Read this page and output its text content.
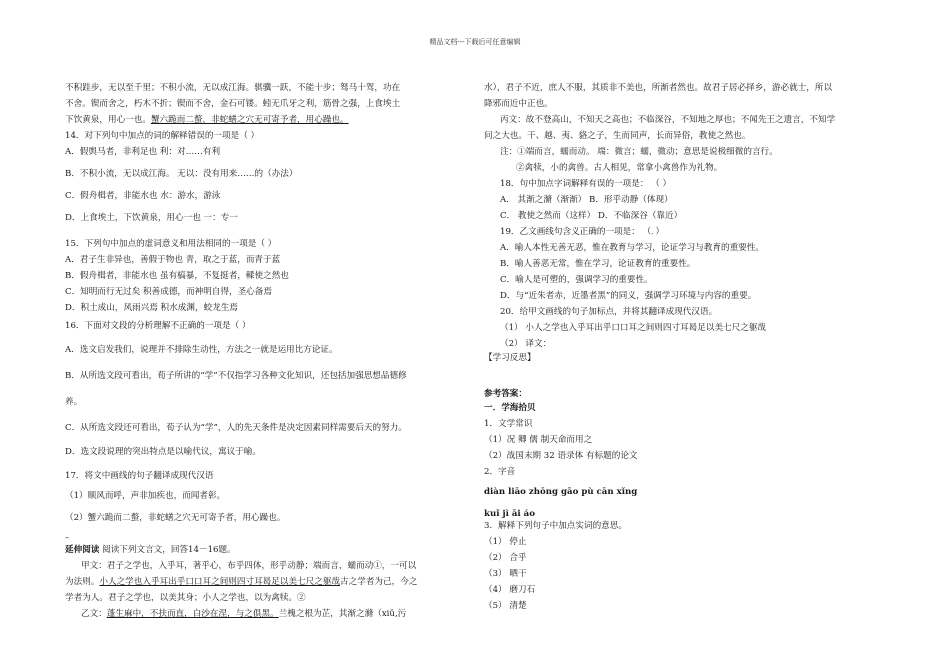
精品文档---下载后可任意编辑
不积跬步，无以至千里；不积小流，无以成江海。骐骥一跃，不能十步；驽马十驾，功在
不舍。锲而舍之，朽木不折；锲而不舍，金石可镂。蚓无爪牙之利，筋骨之强，上食埃土
下饮黄泉，用心一也。蟹六跪而二螯，非蛇蟮之穴无可寄予者，用心躁也。
14．对下列句中加点的词的解释错误的一项是（ ）
A．假舆马者，非利足也 利：对……有利
B．不积小流，无以成江海。 无以：没有用来……的（办法）
C．假舟楫者，非能水也 水：游水，游泳
D．上食埃土，下饮黄泉，用心一也 一：专一
15．下列句中加点的虚词意义和用法相同的一项是（ ）
A．君子生非异也，善假于物也 青，取之于蓝，而青于蓝
B．假舟楫者，非能水也 虽有槁暴，不复挺者，輮使之然也
C．知明而行无过矣 积善成德，而神明自得，圣心备焉
D．积土成山，风雨兴焉 积水成渊，蛟龙生焉
16．下面对文段的分析理解不正确的一项是（ ）
A．选文启发我们，说理并不排除生动性，方法之一就是运用比方论证。
B．从所选文段可看出，荀子所讲的“学”不仅指学习各种文化知识，还包括加强思想品德修
养。
C．从所选文段还可看出，荀子认为“学”，人的先天条件是决定因素同样需要后天的努力。
D．选文段说理的突出特点是以喻代议，寓议于喻。
17．将文中画线的句子翻译成现代汉语
（1）顺风而呼，声非加疾也，而闻者彰。
（2）蟹六跪而二螯，非蛇蟮之穴无可寄予者，用心躁也。
–
延伸阅读 阅读下列文言文，回答14－16题。
甲文：君子之学也，入乎耳，著乎心，布乎四体，形乎动静；端而言，蠕而动①，一可以
为法则。小人之学也入乎耳出乎口口耳之间则四寸耳曷足以美七尺之躯哉古之学者为己，今之
学者为人。君子之学也，以美其身；小人之学也，以为禽犊。②
乙文：蓬生麻中，不扶而直，白沙在涅，与之俱黑。兰槐之根为芷，其渐之滫（xiǔ,污
水），君子不近，庶人不服，其质非不美也，所渐者然也。故君子居必择乡，游必就士，所以
降邪而近中正也。
丙文：故不登高山，不知天之高也；不临深谷，不知地之厚也；不闻先王之遗言，不知学
问之大也。干、越、夷、貉之子，生而同声，长而异俗，教使之然也。
注：①端而言，蠕而动。 端：微言；蠕，微动；意思是说极细微的言行。
②禽犊，小的禽兽。古人相见，常拿小禽兽作为礼物。
18．句中加点字词解释有误的一项是： （ ）
A． 其渐之滫（渐渐） B．形乎动静（体现）
C． 教使之然而（这样） D．不临深谷（靠近）
19．乙文画线句含义正确的一项是： （．）
A．喻人本性无善无恶，惟在教育与学习，论证学习与教育的重要性。
B．喻人善恶无常，惟在学习，论证教育的重要性。
C．喻人是可塑的，强调学习的重要性。
D．与“近朱者赤，近墨者黑”的同义，强调学习环境与内容的重要。
20．给甲文画线的句子加标点，并将其翻译成现代汉语。
（1） 小人之学也入乎耳出乎口口耳之间则四寸耳曷足以美七尺之躯哉
（2） 译文：
【学习反思】
参考答案：
一．学海拾贝
1．文学常识
（1）况 卿 儒 制天命而用之
（2）战国末期 32 语录体 有标题的论文
2．字音
diàn liāo zhōng gāo pù cān xǐng
kuǐ jì āi áo
3．解释下列句子中加点实词的意思。
（1） 停止
（2） 合乎
（3） 晒干
（4） 磨刀石
（5） 清楚
